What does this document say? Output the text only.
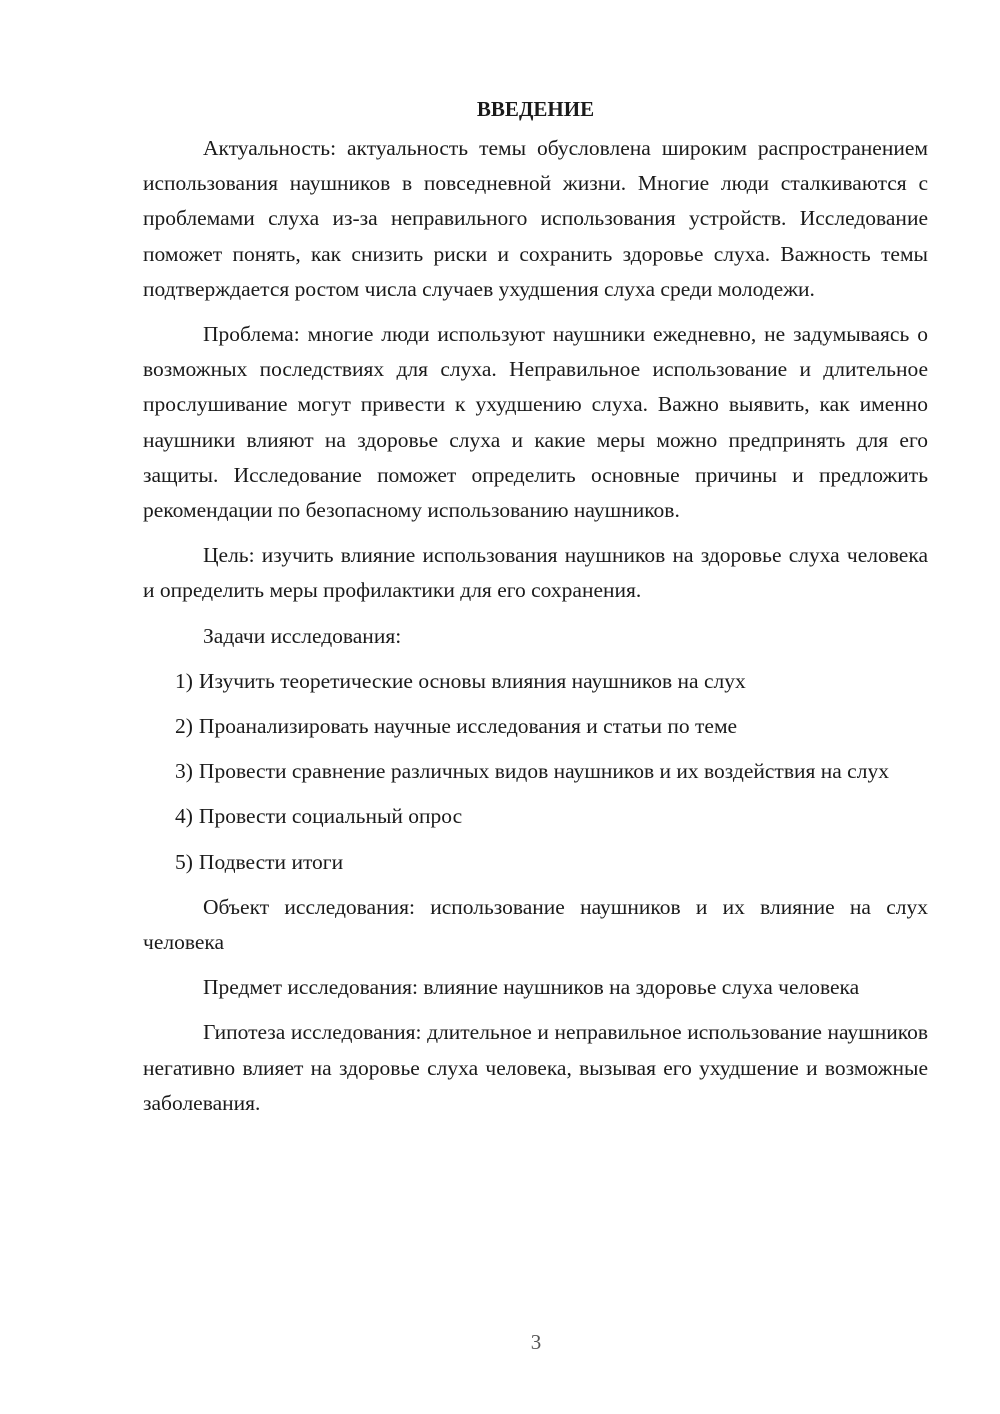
ВВЕДЕНИЕ

Актуальность: актуальность темы обусловлена широким распространением использования наушников в повседневной жизни. Многие люди сталкиваются с проблемами слуха из-за неправильного использования устройств. Исследование поможет понять, как снизить риски и сохранить здоровье слуха. Важность темы подтверждается ростом числа случаев ухудшения слуха среди молодежи.

Проблема: многие люди используют наушники ежедневно, не задумываясь о возможных последствиях для слуха. Неправильное использование и длительное прослушивание могут привести к ухудшению слуха. Важно выявить, как именно наушники влияют на здоровье слуха и какие меры можно предпринять для его защиты. Исследование поможет определить основные причины и предложить рекомендации по безопасному использованию наушников.

Цель: изучить влияние использования наушников на здоровье слуха человека и определить меры профилактики для его сохранения.

Задачи исследования:

1) Изучить теоретические основы влияния наушников на слух
2) Проанализировать научные исследования и статьи по теме
3) Провести сравнение различных видов наушников и их воздействия на слух
4) Провести социальный опрос
5) Подвести итоги

Объект исследования: использование наушников и их влияние на слух человека

Предмет исследования: влияние наушников на здоровье слуха человека

Гипотеза исследования: длительное и неправильное использование наушников негативно влияет на здоровье слуха человека, вызывая его ухудшение и возможные заболевания.

3
